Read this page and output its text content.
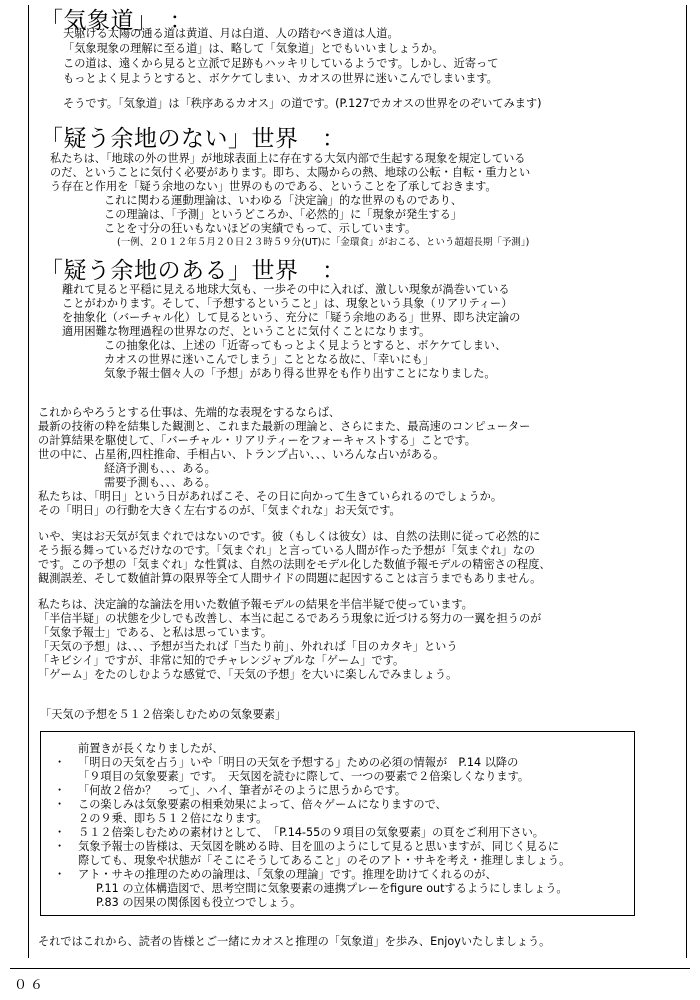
「気象道」　：
天駆ける太陽の通る道は黄道、月は白道、人の踏むべき道は人道。
「気象現象の理解に至る道」は、略して「気象道」とでもいいましょうか。
この道は、遠くから見ると立派で足跡もハッキリしているようです。しかし、近寄って
もっとよく見ようとすると、ボケケてしまい、カオスの世界に迷いこんでしまいます。
そうです。「気象道」は「秩序あるカオス」の道です。(P.127でカオスの世界をのぞいてみます)
「疑う余地のない」世界　：
私たちは、「地球の外の世界」が地球表面上に存在する大気内部で生起する現象を規定している
のだ、ということに気付く必要があります。即ち、太陽からの熱、地球の公転・自転・重力とい
う存在と作用を「疑う余地のない」世界のものである、ということを了承しておきます。
これに関わる運動理論は、いわゆる「決定論」的な世界のものであり、
この理論は、「予測」というどころか、「必然的」に「現象が発生する」
ことを寸分の狂いもないほどの実績でもって、示しています。
(一例、２０１２年５月２０日２３時５９分(UT)に「金環食」がおこる、という超超長期「予測」)
「疑う余地のある」世界　：
離れて見ると平穏に見える地球大気も、一歩その中に入れば、激しい現象が渦巻いている
ことがわかります。そして、「予想するということ」は、現象という具象（リアリティー）
を抽象化（バーチャル化）して見るという、充分に「疑う余地のある」世界、即ち決定論の
適用困難な物理過程の世界なのだ、ということに気付くことになります。
この抽象化は、上述の「近寄ってもっとよく見ようとすると、ボケケてしまい、
カオスの世界に迷いこんでしまう」こととなる故に、「幸いにも」
気象予報士個々人の「予想」があり得る世界をも作り出すことになりました。
これからやろうとする仕事は、先端的な表現をするならば、
最新の技術の粋を結集した観測と、これまた最新の理論と、さらにまた、最高速のコンピューター
の計算結果を駆使して、「バーチャル・リアリティーをフォーキャストする」ことです。
世の中に、占星術,四柱推命、手相占い、トランプ占い、、、いろんな占いがある。
経済予測も、、、ある。
需要予測も、、、ある。
私たちは、「明日」という日があればこそ、その日に向かって生きていられるのでしょうか。
その「明日」の行動を大きく左右するのが、「気まぐれな」お天気です。
いや、実はお天気が気まぐれではないのです。彼（もしくは彼女）は、自然の法則に従って必然的に
そう振る舞っているだけなのです。「気まぐれ」と言っている人間が作った予想が「気まぐれ」なの
です。この予想の「気まぐれ」な性質は、自然の法則をモデル化した数値予報モデルの精密さの程度、
観測誤差、そして数値計算の限界等全て人間サイドの問題に起因することは言うまでもありません。
私たちは、決定論的な論法を用いた数値予報モデルの結果を半信半疑で使っています。
「半信半疑」の状態を少しでも改善し、本当に起こるであろう現象に近づける努力の一翼を担うのが
「気象予報士」である、と私は思っています。
「天気の予想」は、、、予想が当たれば「当たり前」、外れれば「目のカタキ」という
「キビシイ」ですが、非常に知的でチャレンジャブルな「ゲーム」です。
「ゲーム」をたのしむような感覚で、「天気の予想」を大いに楽しんでみましょう。
「天気の予想を５１２倍楽しむための気象要素」
前置きが長くなりましたが、
・ 「明日の天気を占う」いや「明日の天気を予想する」ための必須の情報が　P.14 以降の
「９項目の気象要素」です。　天気図を読むに際して、一つの要素で２倍楽しくなります。
・ 「何故２倍か？　って」、ハイ、筆者がそのように思うからです。
・ この楽しみは気象要素の相乗効果によって、倍々ゲームになりますので、
２の９乗、即ち５１２倍になります。
・ ５１２倍楽しむための素材けとして、　「P.14-55の９項目の気象要素」の頁をご利用下さい。
・ 気象予報士の皆様は、天気図を眺める時、目を皿のようにして見ると思いますが、同じく見るに
際しても、現象や状態が「そこにそうしてあること」のそのアト・サキを考え・推理しましょう。
・ アト・サキの推理のための論理は、「気象の理論」です。推理を助けてくれるのが、
P.11 の立体構造図で、思考空間に気象要素の連携プレーをfigure outするようにしましょう。
P.83 の因果の関係図も役立つでしょう。
それではこれから、読者の皆様とご一緒にカオスと推理の「気象道」を歩み、Enjoyいたしましょう。
０６
